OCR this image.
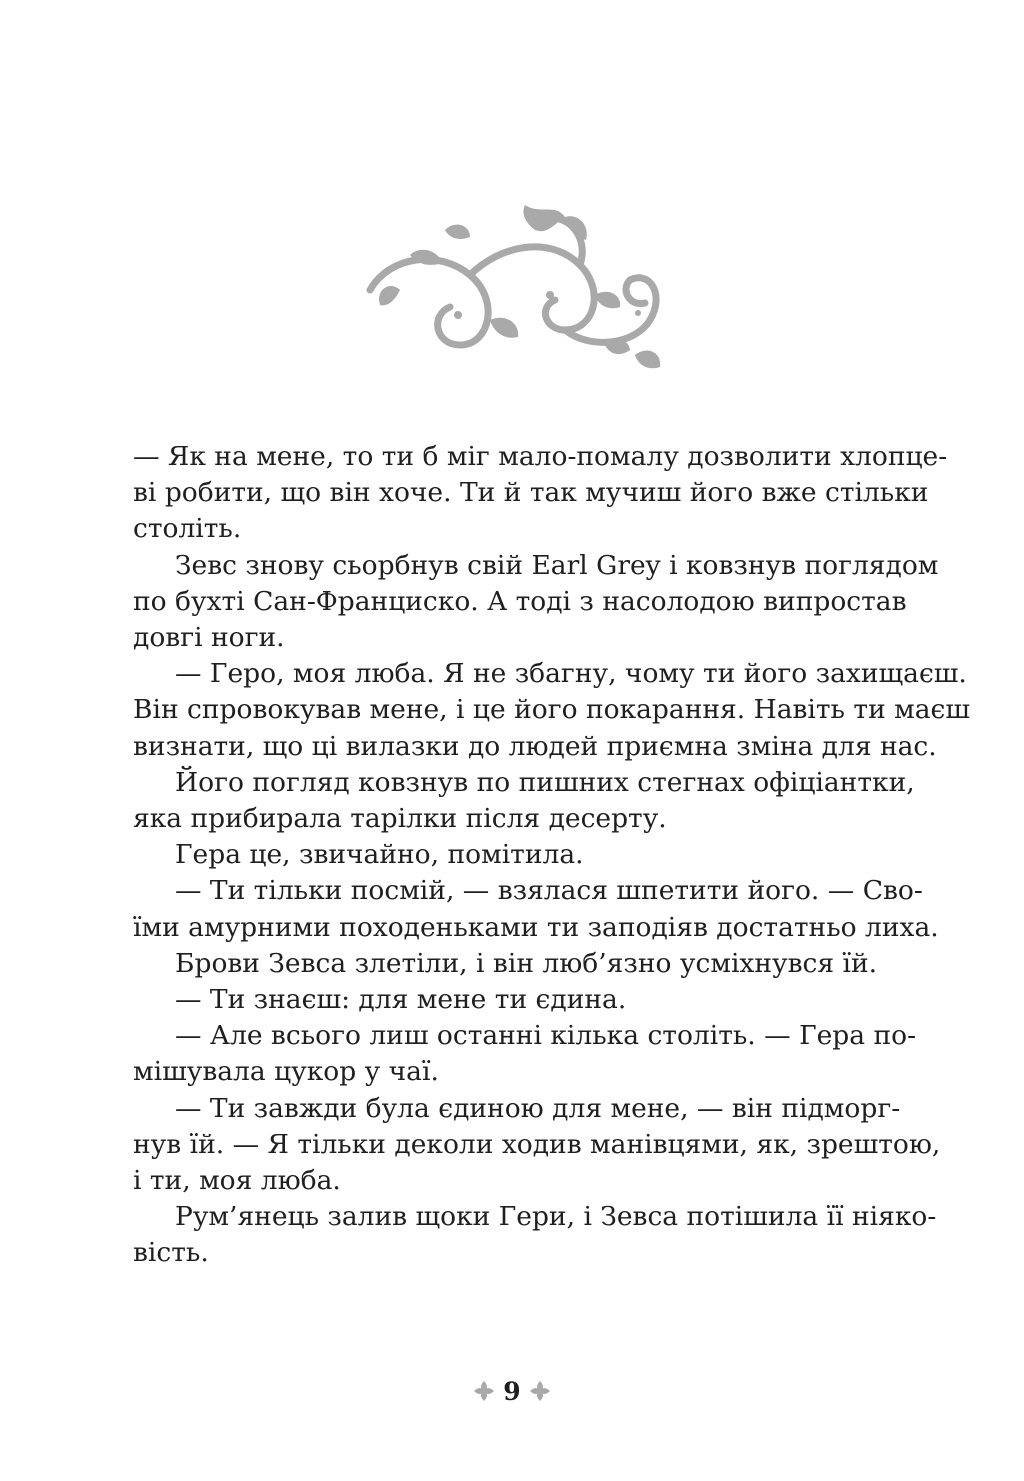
— Як на мене, то ти б міг мало-помалу дозволити хлопце-
ві робити, що він хоче. Ти й так мучиш його вже стільки
століть.

Зевс знову сьорбнув свій Earl Grey і ковзнув поглядом
по бухті Сан-Франциско. А тоді з насолодою випростав
довгі ноги.

— Геро, моя люба. Я не збагну, чому ти його захищаєш.
Він спровокував мене, і це його покарання. Навіть ти маєш
визнати, що ці вилазки до людей приємна зміна для нас.

Його погляд ковзнув по пишних стегнах офіціантки,
яка прибирала тарілки після десерту.

Гера це, звичайно, помітила.

— Ти тільки посмій, — взялася шпетити його. — Сво-
їми амурними походеньками ти заподіяв достатньо лиха.

Брови Зевса злетіли, і він люб’язно усміхнувся їй.

— Ти знаєш: для мене ти єдина.

— Але всього лиш останні кілька століть. — Гера по-
мішувала цукор у чаї.

— Ти завжди була єдиною для мене, — він підморг-
нув їй. — Я тільки деколи ходив манівцями, як, зрештою,
і ти, моя люба.

Рум’янець залив щоки Гери, і Зевса потішила її ніяко-
вість.

9
